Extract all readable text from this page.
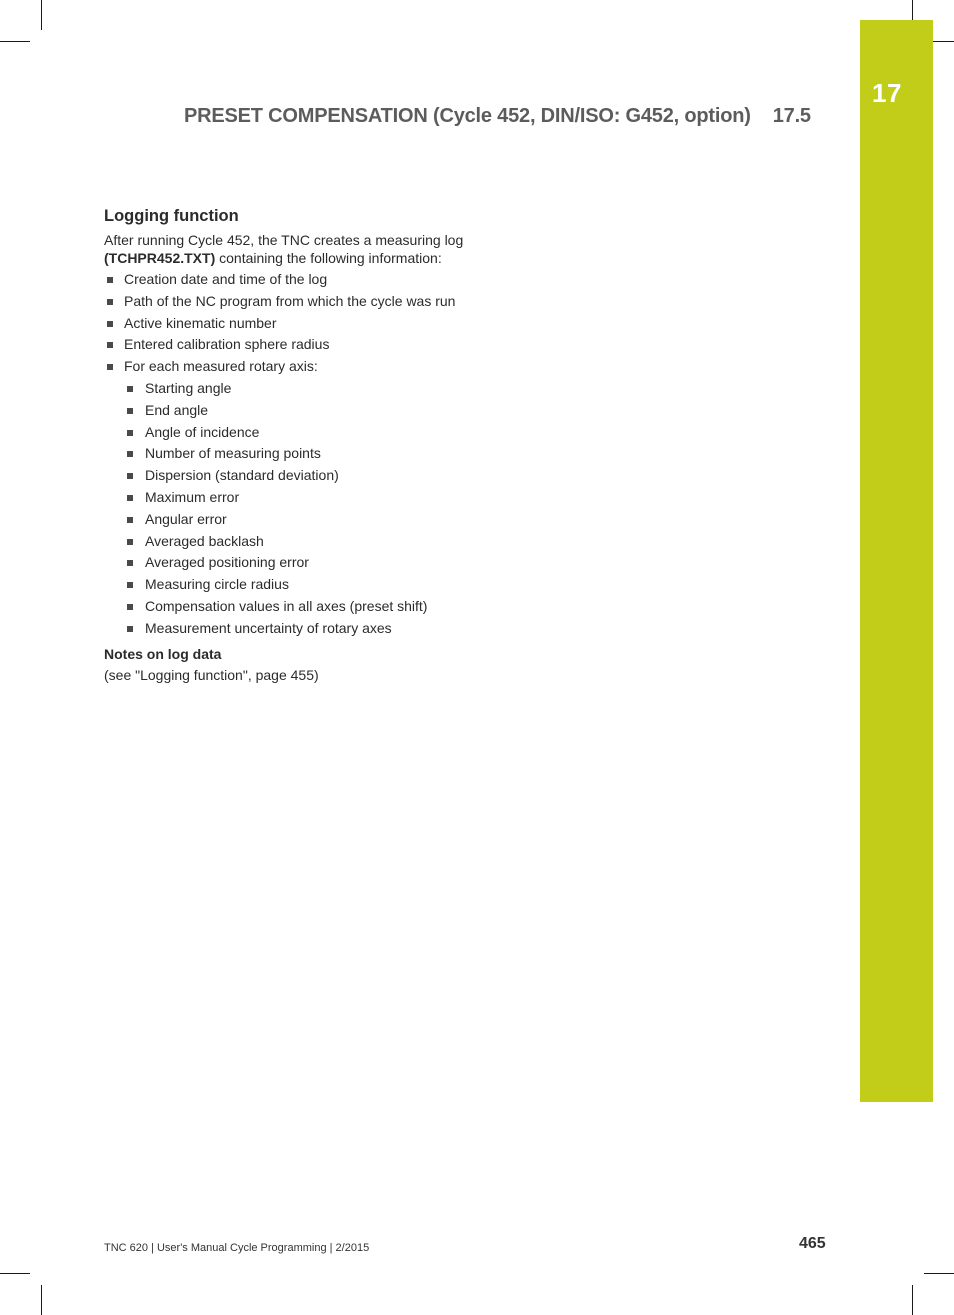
17
PRESET COMPENSATION (Cycle 452, DIN/ISO: G452, option) 17.5
Logging function

After running Cycle 452, the TNC creates a measuring log
(TCHPR452.TXT) containing the following information:

Creation date and time of the log
Path of the NC program from which the cycle was run
Active kinematic number
Entered calibration sphere radius
For each measured rotary axis:
Starting angle
End angle
Angle of incidence
Number of measuring points
Dispersion (standard deviation)
Maximum error
Angular error
Averaged backlash
Averaged positioning error
Measuring circle radius
Compensation values in all axes (preset shift)
Measurement uncertainty of rotary axes
Notes on log data

(see "Logging function", page 455)

TNC 620 | User's Manual Cycle Programming | 2/2015	465
